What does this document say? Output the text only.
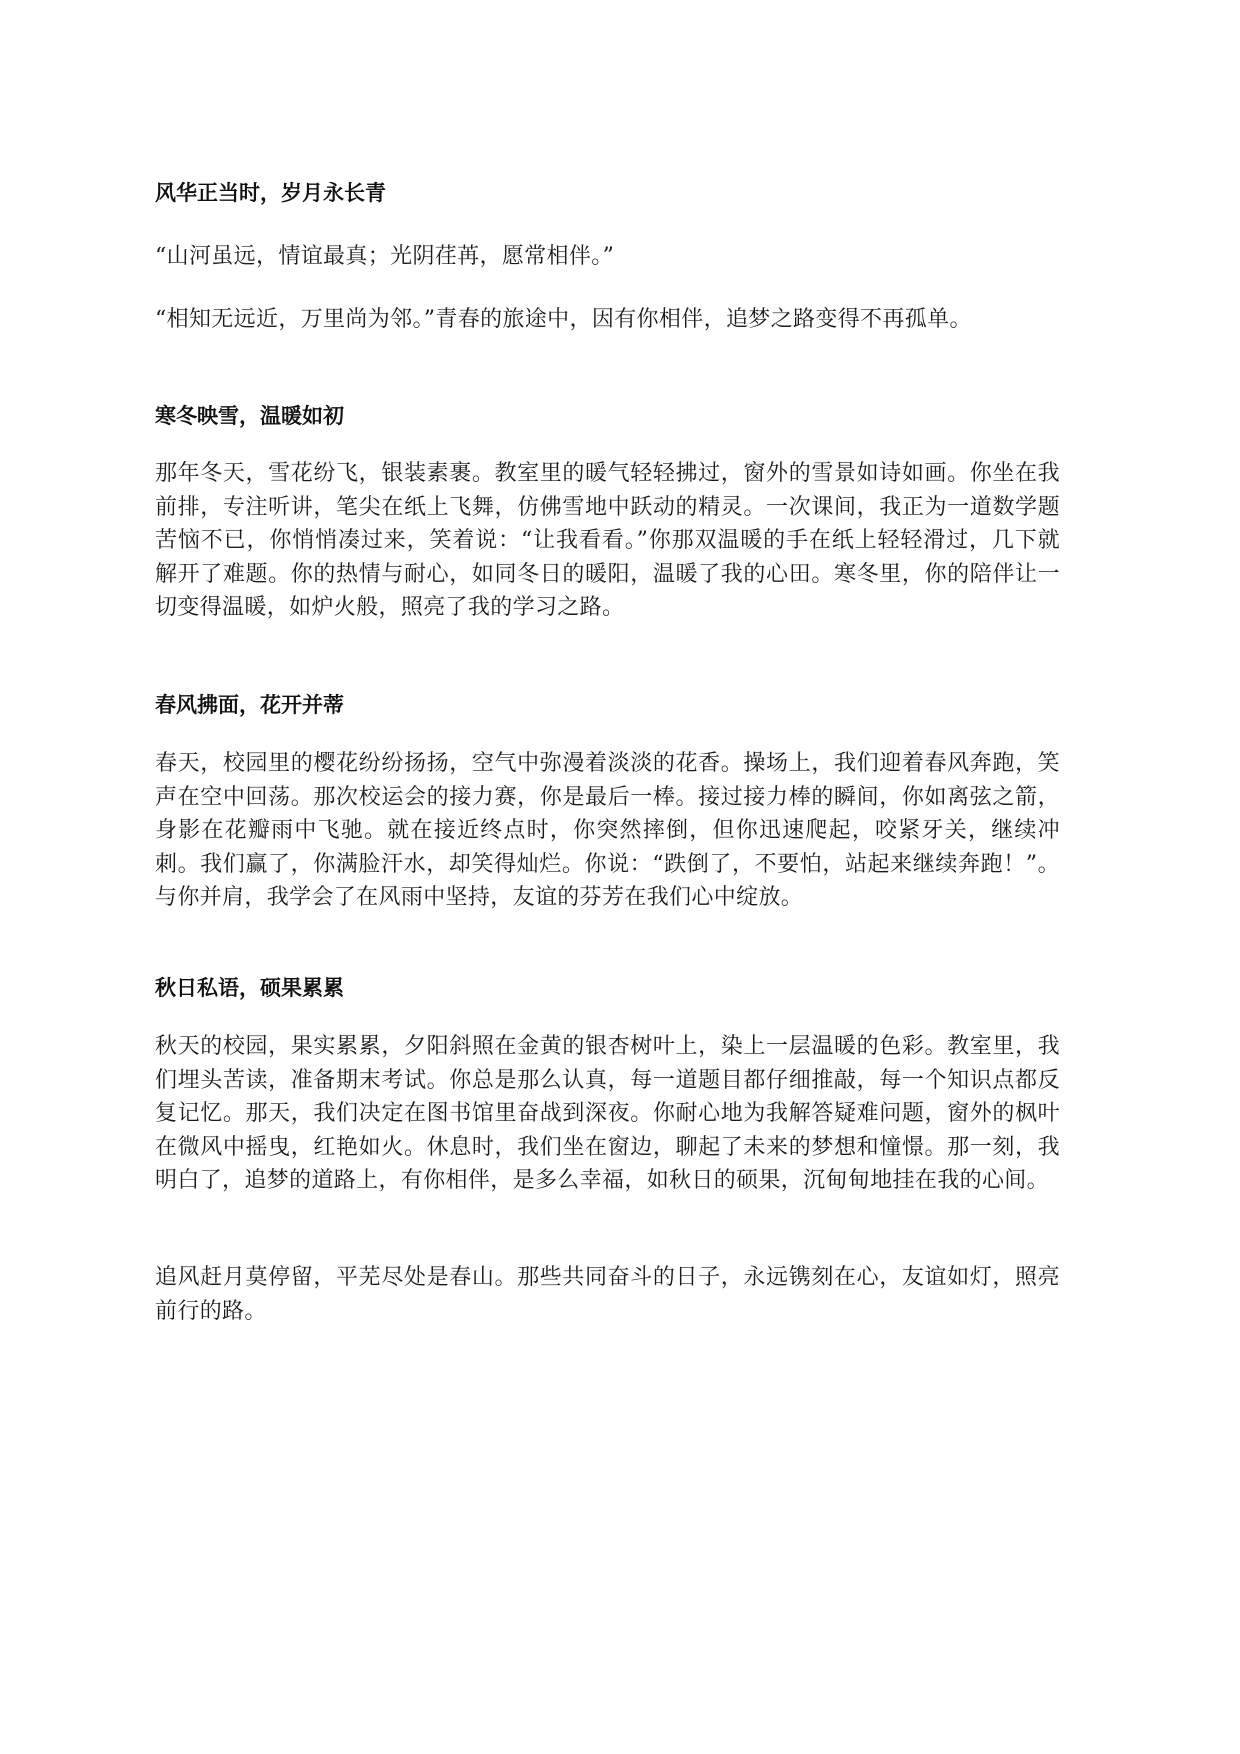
风华正当时，岁月永长青

“山河虽远，情谊最真；光阴荏苒，愿常相伴。”

“相知无远近，万里尚为邻。”青春的旅途中，因有你相伴，追梦之路变得不再孤单。

寒冬映雪，温暖如初

那年冬天，雪花纷飞，银装素裹。教室里的暖气轻轻拂过，窗外的雪景如诗如画。你坐在我前排，专注听讲，笔尖在纸上飞舞，仿佛雪地中跃动的精灵。一次课间，我正为一道数学题苦恼不已，你悄悄凑过来，笑着说：“让我看看。”你那双温暖的手在纸上轻轻滑过，几下就解开了难题。你的热情与耐心，如同冬日的暖阳，温暖了我的心田。寒冬里，你的陪伴让一切变得温暖，如炉火般，照亮了我的学习之路。

春风拂面，花开并蒂

春天，校园里的樱花纷纷扬扬，空气中弥漫着淡淡的花香。操场上，我们迎着春风奔跑，笑声在空中回荡。那次校运会的接力赛，你是最后一棒。接过接力棒的瞬间，你如离弦之箭，身影在花瓣雨中飞驰。就在接近终点时，你突然摔倒，但你迅速爬起，咬紧牙关，继续冲刺。我们赢了，你满脸汗水，却笑得灿烂。你说：“跌倒了，不要怕，站起来继续奔跑！”。与你并肩，我学会了在风雨中坚持，友谊的芬芳在我们心中绽放。

秋日私语，硕果累累

秋天的校园，果实累累，夕阳斜照在金黄的银杏树叶上，染上一层温暖的色彩。教室里，我们埋头苦读，准备期末考试。你总是那么认真，每一道题目都仔细推敲，每一个知识点都反复记忆。那天，我们决定在图书馆里奋战到深夜。你耐心地为我解答疑难问题，窗外的枫叶在微风中摇曳，红艳如火。休息时，我们坐在窗边，聊起了未来的梦想和憧憬。那一刻，我明白了，追梦的道路上，有你相伴，是多么幸福，如秋日的硕果，沉甸甸地挂在我的心间。

追风赶月莫停留，平芜尽处是春山。那些共同奋斗的日子，永远镌刻在心，友谊如灯，照亮前行的路。
